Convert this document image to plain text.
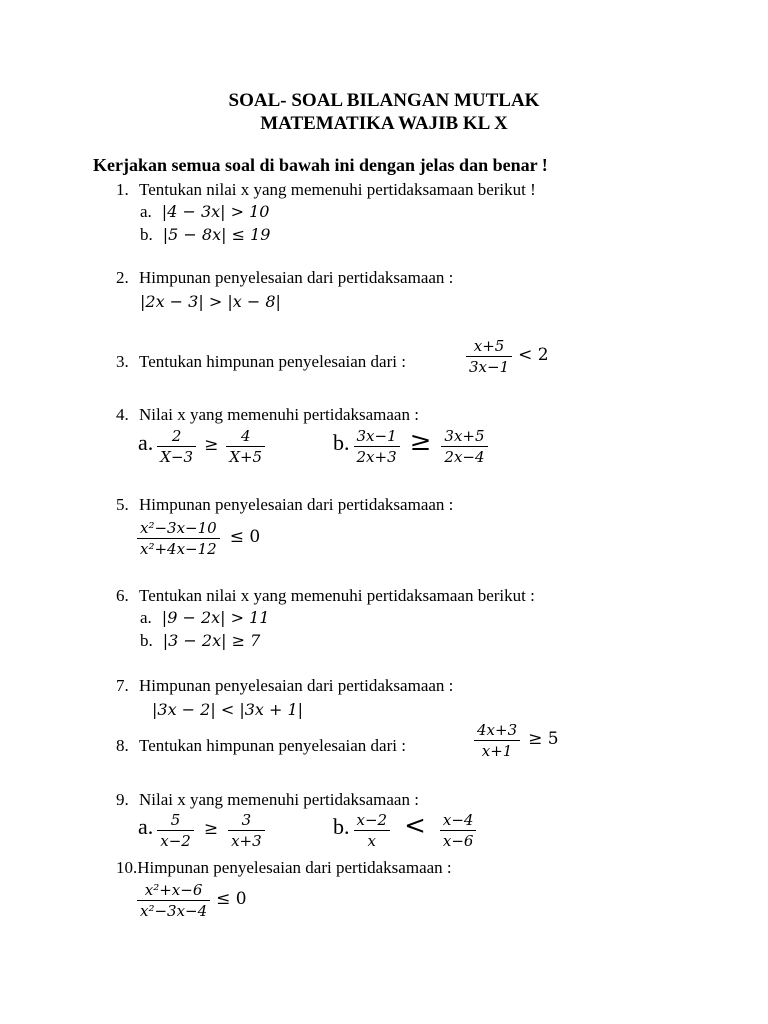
SOAL- SOAL BILANGAN MUTLAK
MATEMATIKA WAJIB KL X
Kerjakan semua soal di bawah ini dengan jelas dan benar !
1. Tentukan nilai x yang memenuhi pertidaksamaan berikut !
a. |4 − 3x| > 10
b. |5 − 8x| ≤ 19
2. Himpunan penyelesaian dari pertidaksamaan :
|2x − 3| > |x − 8|
3. Tentukan himpunan penyelesaian dari :	$\frac{x+5}{3x-1} < 2$
4. Nilai x yang memenuhi pertidaksamaan :
a. $\frac{2}{X-3} \ge \frac{4}{X+5}$	b. $\frac{3x-1}{2x+3} \ge \frac{3x+5}{2x-4}$
5. Himpunan penyelesaian dari pertidaksamaan :
$\frac{\text{x²−3x−10}}{\text{x²+4x−12}} \le 0$
6. Tentukan nilai x yang memenuhi pertidaksamaan berikut :
a. |9 − 2x| > 11
b. |3 − 2x| ≥ 7
7. Himpunan penyelesaian dari pertidaksamaan :
|3x − 2| < |3x + 1|
8. Tentukan himpunan penyelesaian dari :	$\frac{4x+3}{x+1} \ge 5$
9. Nilai x yang memenuhi pertidaksamaan :
a. $\frac{5}{x-2} \ge \frac{3}{x+3}$	b. $\frac{x-2}{x} < \frac{x-4}{x-6}$
10.Himpunan penyelesaian dari pertidaksamaan :
$\frac{\text{x²+x−6}}{\text{x²−3x−4}} \le 0$
